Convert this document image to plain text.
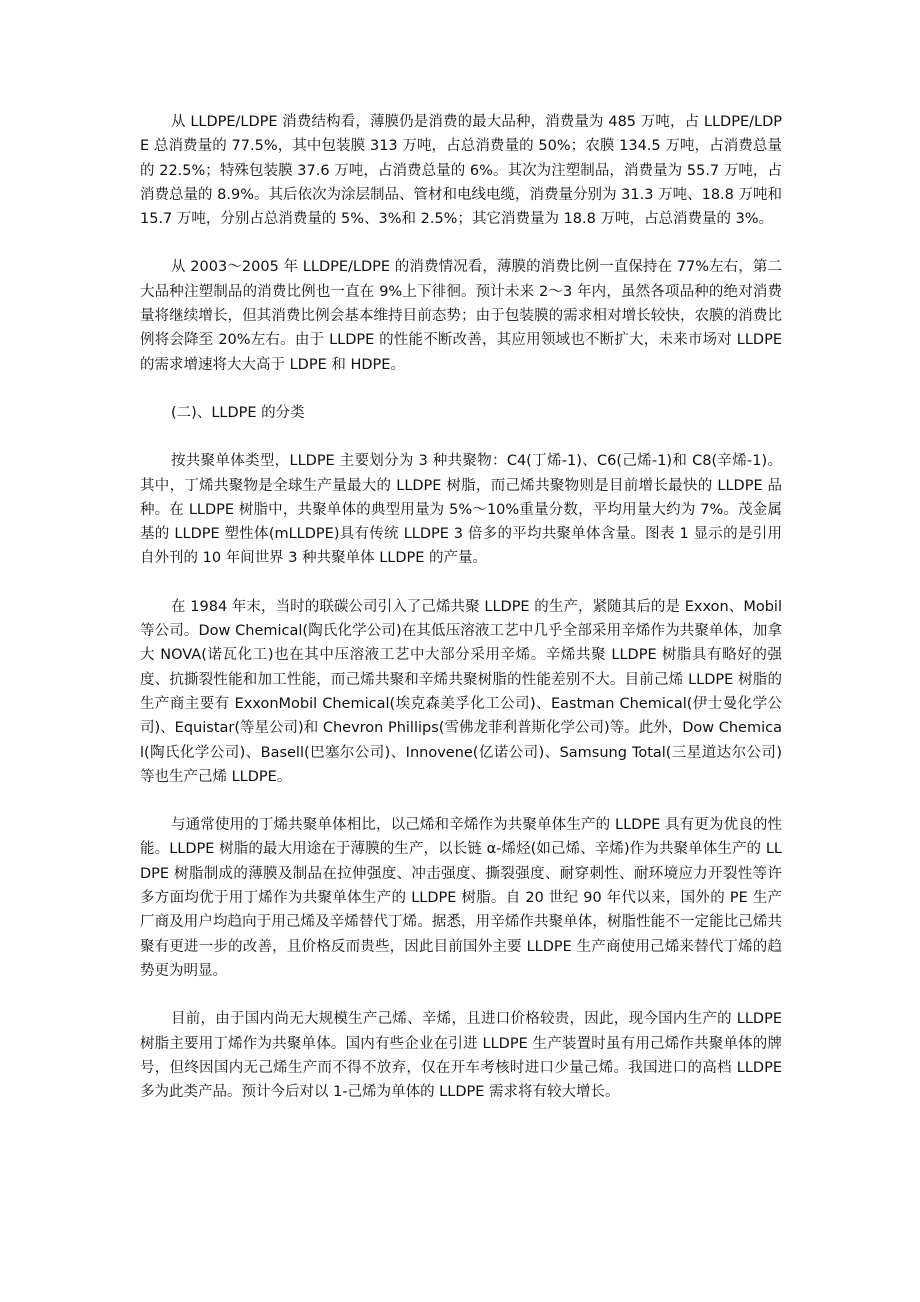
从 LLDPE/LDPE 消费结构看，薄膜仍是消费的最大品种，消费量为 485 万吨，占 LLDPE/LDPE 总消费量的 77.5%，其中包装膜 313 万吨，占总消费量的 50%；农膜 134.5 万吨，占消费总量的 22.5%；特殊包装膜 37.6 万吨，占消费总量的 6%。其次为注塑制品，消费量为 55.7 万吨，占消费总量的 8.9%。其后依次为涂层制品、管材和电线电缆，消费量分别为 31.3 万吨、18.8 万吨和 15.7 万吨，分别占总消费量的 5%、3%和 2.5%；其它消费量为 18.8 万吨，占总消费量的 3%。

从 2003～2005 年 LLDPE/LDPE 的消费情况看，薄膜的消费比例一直保持在 77%左右，第二大品种注塑制品的消费比例也一直在 9%上下徘徊。预计未来 2～3 年内，虽然各项品种的绝对消费量将继续增长，但其消费比例会基本维持目前态势；由于包装膜的需求相对增长较快，农膜的消费比例将会降至 20%左右。由于 LLDPE 的性能不断改善，其应用领域也不断扩大，未来市场对 LLDPE 的需求增速将大大高于 LDPE 和 HDPE。

(二)、LLDPE 的分类

按共聚单体类型，LLDPE 主要划分为 3 种共聚物：C4(丁烯-1)、C6(己烯-1)和 C8(辛烯-1)。其中，丁烯共聚物是全球生产量最大的 LLDPE 树脂，而己烯共聚物则是目前增长最快的 LLDPE 品种。在 LLDPE 树脂中，共聚单体的典型用量为 5%～10%重量分数，平均用量大约为 7%。茂金属基的 LLDPE 塑性体(mLLDPE)具有传统 LLDPE 3 倍多的平均共聚单体含量。图表 1 显示的是引用自外刊的 10 年间世界 3 种共聚单体 LLDPE 的产量。

在 1984 年末，当时的联碳公司引入了己烯共聚 LLDPE 的生产，紧随其后的是 Exxon、Mobil 等公司。Dow Chemical(陶氏化学公司)在其低压溶液工艺中几乎全部采用辛烯作为共聚单体，加拿大 NOVA(诺瓦化工)也在其中压溶液工艺中大部分采用辛烯。辛烯共聚 LLDPE 树脂具有略好的强度、抗撕裂性能和加工性能，而己烯共聚和辛烯共聚树脂的性能差别不大。目前己烯 LLDPE 树脂的生产商主要有 ExxonMobil Chemical(埃克森美孚化工公司)、Eastman Chemical(伊士曼化学公司)、Equistar(等星公司)和 Chevron Phillips(雪佛龙菲利普斯化学公司)等。此外，Dow Chemical(陶氏化学公司)、Basell(巴塞尔公司)、Innovene(亿诺公司)、Samsung Total(三星道达尔公司)等也生产己烯 LLDPE。

与通常使用的丁烯共聚单体相比，以己烯和辛烯作为共聚单体生产的 LLDPE 具有更为优良的性能。LLDPE 树脂的最大用途在于薄膜的生产，以长链 α-烯烃(如己烯、辛烯)作为共聚单体生产的 LLDPE 树脂制成的薄膜及制品在拉伸强度、冲击强度、撕裂强度、耐穿刺性、耐环境应力开裂性等许多方面均优于用丁烯作为共聚单体生产的 LLDPE 树脂。自 20 世纪 90 年代以来，国外的 PE 生产厂商及用户均趋向于用己烯及辛烯替代丁烯。据悉，用辛烯作共聚单体，树脂性能不一定能比己烯共聚有更进一步的改善，且价格反而贵些，因此目前国外主要 LLDPE 生产商使用己烯来替代丁烯的趋势更为明显。

目前，由于国内尚无大规模生产己烯、辛烯，且进口价格较贵，因此，现今国内生产的 LLDPE 树脂主要用丁烯作为共聚单体。国内有些企业在引进 LLDPE 生产装置时虽有用己烯作共聚单体的牌号，但终因国内无己烯生产而不得不放弃，仅在开车考核时进口少量己烯。我国进口的高档 LLDPE 多为此类产品。预计今后对以 1-己烯为单体的 LLDPE 需求将有较大增长。
